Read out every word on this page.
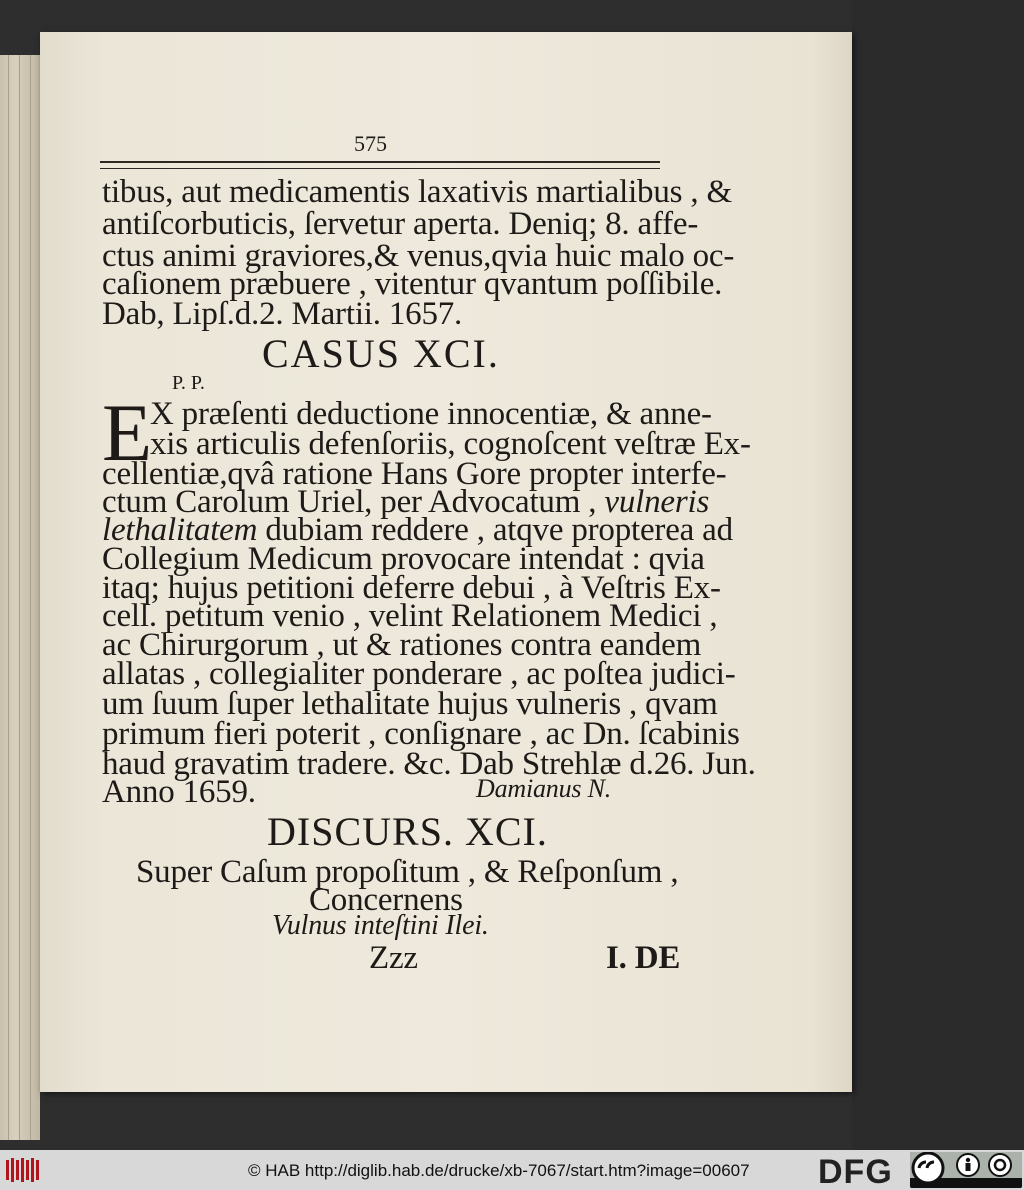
575
tibus, aut medicamentis laxativis martialibus , &
antiſcorbuticis, ſervetur aperta. Deniq; 8. affe-
ctus animi graviores,& venus,qvia huic malo oc-
caſionem præbuere , vitentur qvantum poſſibile.
Dab, Lipſ.d.2. Martii. 1657.
CASUS XCI.
P. P.
E
X præſenti deductione innocentiæ, & anne-
xis articulis defenſoriis, cognoſcent veſtræ Ex-
cellentiæ,qvâ ratione Hans Gore propter interfe-
ctum Carolum Uriel, per Advocatum , vulneris
lethalitatem dubiam reddere , atqve propterea ad
Collegium Medicum provocare intendat : qvia
itaq; hujus petitioni deferre debui , à Veſtris Ex-
cell. petitum venio , velint Relationem Medici ,
ac Chirurgorum , ut & rationes contra eandem
allatas , collegialiter ponderare , ac poſtea judici-
um ſuum ſuper lethalitate hujus vulneris , qvam
primum fieri poterit , conſignare , ac Dn. ſcabinis
haud gravatim tradere. &c. Dab Strehlæ d.26. Jun.
Anno 1659.	Damianus N.
DISCURS. XCI.
Super Caſum propoſitum , & Reſponſum ,
Concernens
Vulnus inteſtini Ilei.
Zzz	I. DE
© HAB http://diglib.hab.de/drucke/xb-7067/start.htm?image=00607 DFG
